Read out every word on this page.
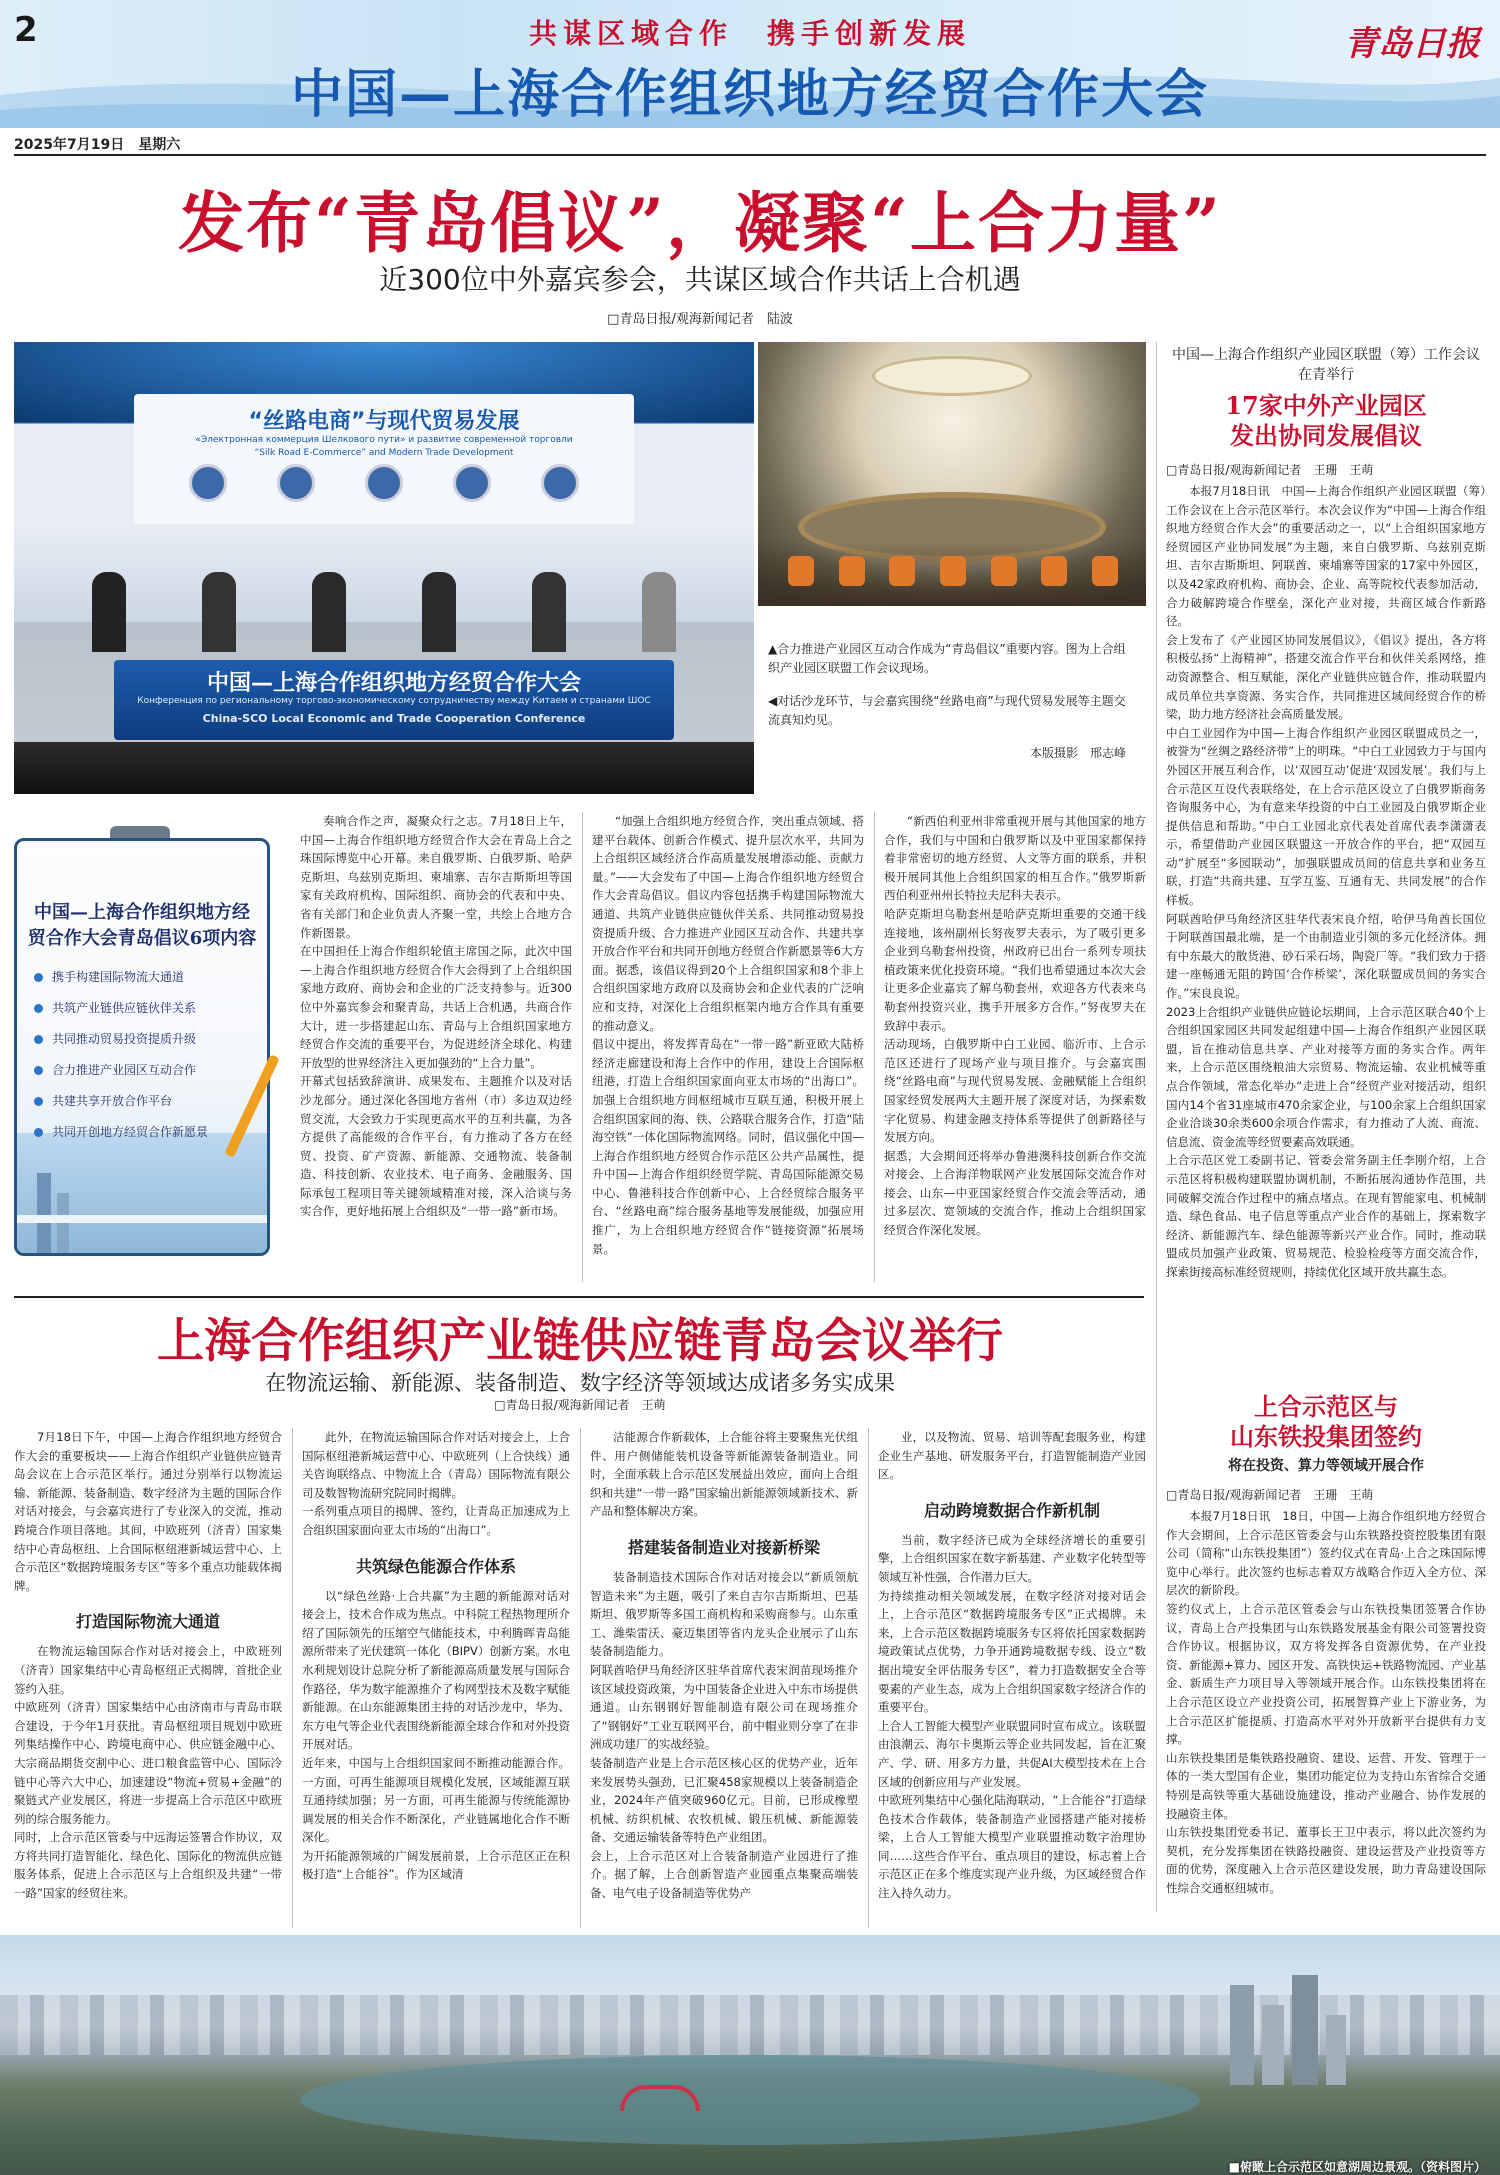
2	共谋区域合作　携手创新发展
中国—上海合作组织地方经贸合作大会
青岛日报
2025年7月19日　星期六
发布“青岛倡议”，凝聚“上合力量”
近300位中外嘉宾参会，共谋区域合作共话上合机遇
□青岛日报/观海新闻记者　陆波
“丝路电商”与现代贸易发展
«Электронная коммерция Шелкового пути» и развитие современной торговли
“Silk Road E-Commerce” and Modern Trade Development
中国—上海合作组织地方经贸合作大会
Конференция по региональному торгово-экономическому сотрудничеству между Китаем и странами ШОС
China-SCO Local Economic and Trade Cooperation Conference

▲合力推进产业园区互动合作成为“青岛倡议”重要内容。图为上合组织产业园区联盟工作会议现场。

◀对话沙龙环节，与会嘉宾围绕“丝路电商”与现代贸易发展等主题交流真知灼见。

本版摄影　邢志峰

中国—上海合作组织地方经贸合作大会青岛倡议6项内容
携手构建国际物流大通道
共筑产业链供应链伙伴关系
共同推动贸易投资提质升级
合力推进产业园区互动合作
共建共享开放合作平台
共同开创地方经贸合作新愿景

奏响合作之声，凝聚众行之志。7月18日上午，中国—上海合作组织地方经贸合作大会在青岛上合之珠国际博览中心开幕。来自俄罗斯、白俄罗斯、哈萨克斯坦、乌兹别克斯坦、柬埔寨、吉尔吉斯斯坦等国家有关政府机构、国际组织、商协会的代表和中央、省有关部门和企业负责人齐聚一堂，共绘上合地方合作新图景。
在中国担任上海合作组织轮值主席国之际，此次中国—上海合作组织地方经贸合作大会得到了上合组织国家地方政府、商协会和企业的广泛支持参与。近300位中外嘉宾参会和聚青岛，共话上合机遇，共商合作大计，进一步搭建起山东、青岛与上合组织国家地方经贸合作交流的重要平台，为促进经济全球化、构建开放型的世界经济注入更加强劲的“上合力量”。
开幕式包括致辞演讲、成果发布、主题推介以及对话沙龙部分。通过深化各国地方省州（市）多边双边经贸交流，大会致力于实现更高水平的互利共赢，为各方提供了高能级的合作平台，有力推动了各方在经贸、投资、矿产资源、新能源、交通物流、装备制造、科技创新、农业技术、电子商务、金融服务、国际承包工程项目等关键领域精准对接，深入洽谈与务实合作，更好地拓展上合组织及“一带一路”新市场。

“加强上合组织地方经贸合作，突出重点领域、搭建平台载体、创新合作模式、提升层次水平，共同为上合组织区域经济合作高质量发展增添动能、贡献力量。”——大会发布了中国—上海合作组织地方经贸合作大会青岛倡议。倡议内容包括携手构建国际物流大通道、共筑产业链供应链伙伴关系、共同推动贸易投资提质升级、合力推进产业园区互动合作、共建共享开放合作平台和共同开创地方经贸合作新愿景等6大方面。据悉，该倡议得到20个上合组织国家和8个非上合组织国家地方政府以及商协会和企业代表的广泛响应和支持，对深化上合组织框架内地方合作具有重要的推动意义。
倡议中提出，将发挥青岛在“一带一路”新亚欧大陆桥经济走廊建设和海上合作中的作用，建设上合国际枢纽港，打造上合组织国家面向亚太市场的“出海口”。加强上合组织地方间枢纽城市互联互通，积极开展上合组织国家间的海、铁、公路联合服务合作，打造“陆海空铁”一体化国际物流网络。同时，倡议强化中国—上海合作组织地方经贸合作示范区公共产品属性，提升中国—上海合作组织经贸学院、青岛国际能源交易中心、鲁港科技合作创新中心、上合经贸综合服务平台、“丝路电商”综合服务基地等发展能级，加强应用推广，为上合组织地方经贸合作“链接资源”拓展场景。

“新西伯利亚州非常重视开展与其他国家的地方合作，我们与中国和白俄罗斯以及中亚国家都保持着非常密切的地方经贸、人文等方面的联系，并积极开展同其他上合组织国家的相互合作。”俄罗斯新西伯利亚州州长特拉夫尼科夫表示。
哈萨克斯坦乌勒套州是哈萨克斯坦重要的交通干线连接地，该州副州长努夜罗夫表示，为了吸引更多企业到乌勒套州投资，州政府已出台一系列专项扶植政策来优化投资环境。“我们也希望通过本次大会让更多企业嘉宾了解乌勒套州，欢迎各方代表来乌勒套州投资兴业，携手开展多方合作。”努夜罗夫在致辞中表示。
活动现场，白俄罗斯中白工业园、临沂市、上合示范区还进行了现场产业与项目推介。与会嘉宾围绕“丝路电商”与现代贸易发展、金融赋能上合组织国家经贸发展两大主题开展了深度对话，为探索数字化贸易、构建金融支持体系等提供了创新路径与发展方向。
据悉，大会期间还将举办鲁港澳科技创新合作交流对接会、上合海洋物联网产业发展国际交流合作对接会、山东—中亚国家经贸合作交流会等活动，通过多层次、宽领域的交流合作，推动上合组织国家经贸合作深化发展。

中国—上海合作组织产业园区联盟（筹）工作会议在青举行
17家中外产业园区
发出协同发展倡议
□青岛日报/观海新闻记者　王珊　王萌

本报7月18日讯　中国—上海合作组织产业园区联盟（筹）工作会议在上合示范区举行。本次会议作为“中国—上海合作组织地方经贸合作大会”的重要活动之一，以“上合组织国家地方经贸园区产业协同发展”为主题，来自白俄罗斯、乌兹别克斯坦、吉尔吉斯斯坦、阿联酋、柬埔寨等国家的17家中外园区，以及42家政府机构、商协会、企业、高等院校代表参加活动，合力破解跨境合作壁垒，深化产业对接，共商区域合作新路径。
会上发布了《产业园区协同发展倡议》，《倡议》提出，各方将积极弘扬“上海精神”，搭建交流合作平台和伙伴关系网络，推动资源整合、相互赋能，深化产业链供应链合作，推动联盟内成员单位共享资源、务实合作，共同推进区域间经贸合作的桥梁，助力地方经济社会高质量发展。
中白工业园作为中国—上海合作组织产业园区联盟成员之一，被誉为“丝绸之路经济带”上的明珠。“中白工业园致力于与国内外园区开展互利合作，以‘双园互动’促进‘双园发展’。我们与上合示范区互设代表联络处，在上合示范区设立了白俄罗斯商务咨询服务中心，为有意来华投资的中白工业园及白俄罗斯企业提供信息和帮助。”中白工业园北京代表处首席代表李潇潇表示，希望借助产业园区联盟这一开放合作的平台，把“双园互动”扩展至“多园联动”，加强联盟成员间的信息共享和业务互联，打造“共商共建、互学互鉴、互通有无、共同发展”的合作样板。
阿联酋哈伊马角经济区驻华代表宋良介绍，哈伊马角酋长国位于阿联酋国最北端，是一个由制造业引领的多元化经济体。拥有中东最大的散货港、砂石采石场，陶瓷厂等。“我们致力于搭建一座畅通无阻的跨国‘合作桥梁’，深化联盟成员间的务实合作。”宋良良说。
2023上合组织产业链供应链论坛期间，上合示范区联合40个上合组织国家园区共同发起组建中国—上海合作组织产业园区联盟，旨在推动信息共享、产业对接等方面的务实合作。两年来，上合示范区围绕粮油大宗贸易、物流运输、农业机械等重点合作领域，常态化举办“走进上合”经贸产业对接活动，组织国内14个省31座城市470余家企业，与100余家上合组织国家企业洽谈30余类600余项合作需求，有力推动了人流、商流、信息流、资金流等经贸要素高效联通。
上合示范区党工委副书记、管委会常务副主任李刚介绍，上合示范区将积极构建联盟协调机制，不断拓展沟通协作范围，共同破解交流合作过程中的痛点堵点。在现有智能家电、机械制造、绿色食品、电子信息等重点产业合作的基础上，探索数字经济、新能源汽车、绿色能源等新兴产业合作。同时，推动联盟成员加强产业政策、贸易规范、检验检疫等方面交流合作，探索街接高标准经贸规则，持续优化区域开放共赢生态。

上海合作组织产业链供应链青岛会议举行
在物流运输、新能源、装备制造、数字经济等领域达成诸多务实成果
□青岛日报/观海新闻记者　王萌

7月18日下午，中国—上海合作组织地方经贸合作大会的重要板块——上海合作组织产业链供应链青岛会议在上合示范区举行。通过分别举行以物流运输、新能源、装备制造、数字经济为主题的国际合作对话对接会，与会嘉宾进行了专业深入的交流，推动跨境合作项目落地。其间，中欧班列（济青）国家集结中心青岛枢纽、上合国际枢纽港新城运营中心、上合示范区“数据跨境服务专区”等多个重点功能载体揭牌。

打造国际物流大通道

在物流运输国际合作对话对接会上，中欧班列（济青）国家集结中心青岛枢纽正式揭牌，首批企业签约入驻。
中欧班列（济青）国家集结中心由济南市与青岛市联合建设，于今年1月获批。青岛枢纽项目规划中欧班列集结操作中心、跨境电商中心、供应链金融中心、大宗商品期货交割中心、进口粮食监管中心、国际冷链中心等六大中心，加速建设“物流+贸易+金融”的聚链式产业发展区，将进一步提高上合示范区中欧班列的综合服务能力。
同时，上合示范区管委与中远海运签署合作协议，双方将共同打造智能化、绿色化、国际化的物流供应链服务体系，促进上合示范区与上合组织及共建“一带一路”国家的经贸往来。

此外，在物流运输国际合作对话对接会上，上合国际枢纽港新城运营中心、中欧班列（上合快线）通关咨询联络点、中物流上合（青岛）国际物流有限公司及数智物流研究院同时揭牌。
一系列重点项目的揭牌、签约，让青岛正加速成为上合组织国家面向亚太市场的“出海口”。

共筑绿色能源合作体系

以“绿色丝路·上合共赢”为主题的新能源对话对接会上，技术合作成为焦点。中科院工程热物理所介绍了国际领先的压缩空气储能技术，中利腾晖青岛能源所带来了光伏建筑一体化（BIPV）创新方案。水电水利规划设计总院分析了新能源高质量发展与国际合作路径，华为数字能源推介了构网型技术及数字赋能新能源。在山东能源集团主持的对话沙龙中，华为、东方电气等企业代表围绕新能源全球合作和对外投资开展对话。
近年来，中国与上合组织国家间不断推动能源合作。一方面，可再生能源项目规模化发展，区域能源互联互通持续加强；另一方面，可再生能源与传统能源协调发展的相关合作不断深化，产业链属地化合作不断深化。
为开拓能源领域的广阔发展前景，上合示范区正在积极打造“上合能谷”。作为区域清

洁能源合作新载体，上合能谷将主要聚焦光伏组件、用户侧储能装机设备等新能源装备制造业。同时，全面承载上合示范区发展益出效应，面向上合组织和共建“一带一路”国家输出新能源领域新技术、新产品和整体解决方案。

搭建装备制造业对接新桥梁

装备制造技术国际合作对话对接会以“新质领航 智造未来”为主题，吸引了来自吉尔吉斯斯坦、巴基斯坦、俄罗斯等多国工商机构和采购商参与。山东重工、潍柴雷沃、豪迈集团等省内龙头企业展示了山东装备制造能力。
阿联酋哈伊马角经济区驻华首席代表宋润苗现场推介该区域投资政策，为中国装备企业进入中东市场提供通道。山东钢钢好智能制造有限公司在现场推介了“钢钢好”工业互联网平台，前中帽业则分享了在非洲成功建厂的实战经验。
装备制造产业是上合示范区核心区的优势产业，近年来发展势头强劲，已汇聚458家规模以上装备制造企业，2024年产值突破960亿元。目前，已形成橡塑机械、纺织机械、农牧机械、锻压机械、新能源装备、交通运输装备等特色产业组团。
会上，上合示范区对上合装备制造产业园进行了推介。据了解，上合创新智造产业园重点集聚高端装备、电气电子设备制造等优势产

业，以及物流、贸易、培训等配套服务业，构建企业生产基地、研发服务平台，打造智能制造产业园区。

启动跨境数据合作新机制

当前，数字经济已成为全球经济增长的重要引擎，上合组织国家在数字新基建、产业数字化转型等领域互补性强，合作潜力巨大。
为持续推动相关领域发展，在数字经济对接对话会上，上合示范区“数据跨境服务专区”正式揭牌。未来，上合示范区数据跨境服务专区将依托国家数据跨境政策试点优势，力争开通跨境数据专线、设立“数据出境安全评估服务专区”，着力打造数据安全合等要素的产业生态，成为上合组织国家数字经济合作的重要平台。
上合人工智能大模型产业联盟同时宣布成立。该联盟由浪潮云、海尔卡奥斯云等企业共同发起，旨在汇聚产、学、研、用多方力量，共促AI大模型技术在上合区域的创新应用与产业发展。
中欧班列集结中心强化陆海联动，“上合能谷”打造绿色技术合作载体，装备制造产业园搭建产能对接桥梁，上合人工智能大模型产业联盟推动数字治理协同……这些合作平台、重点项目的建设，标志着上合示范区正在多个维度实现产业升级，为区域经贸合作注入持久动力。

上合示范区与
山东铁投集团签约
将在投资、算力等领域开展合作
□青岛日报/观海新闻记者　王珊　王萌

本报7月18日讯　18日，中国—上海合作组织地方经贸合作大会期间，上合示范区管委会与山东铁路投资控股集团有限公司（简称“山东铁投集团”）签约仪式在青岛·上合之珠国际博览中心举行。此次签约也标志着双方战略合作迈入全方位、深层次的新阶段。
签约仪式上，上合示范区管委会与山东铁投集团签署合作协议，青岛上合产投集团与山东铁路发展基金有限公司签署投资合作协议。根据协议，双方将发挥各自资源优势，在产业投资、新能源+算力、园区开发、高铁快运+铁路物流园、产业基金、新质生产力项目导入等领域开展合作。山东铁投集团将在上合示范区设立产业投资公司，拓展智算产业上下游业务，为上合示范区扩能提质、打造高水平对外开放新平台提供有力支撑。
山东铁投集团是集铁路投融资、建设、运营、开发、管理于一体的一类大型国有企业，集团功能定位为支持山东省综合交通特别是高铁等重大基础设施建设，推动产业融合、协作发展的投融资主体。
山东铁投集团党委书记、董事长王卫中表示，将以此次签约为契机，充分发挥集团在铁路投融资、建设运营及产业投资等方面的优势，深度融入上合示范区建设发展，助力青岛建设国际性综合交通枢纽城市。

■俯瞰上合示范区如意湖周边景观。（资料图片）
